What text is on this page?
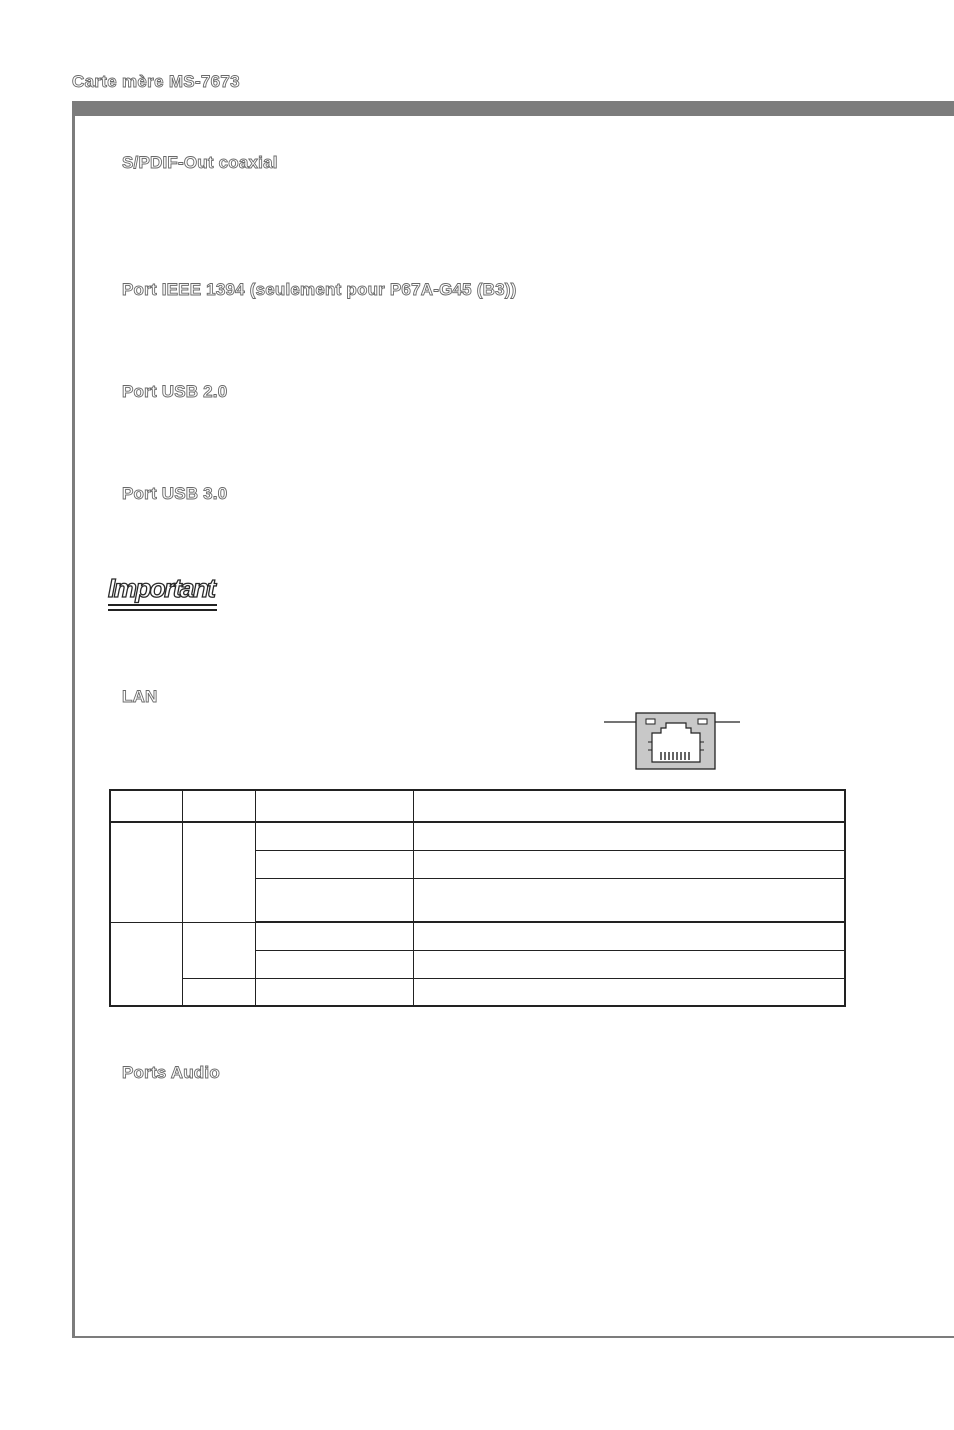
Carte mère MS-7673
S/PDIF-Out coaxial
Port IEEE 1394 (seulement pour P67A-G45 (B3))
Port USB 2.0
Port USB 3.0
Important
LAN

Ports Audio
